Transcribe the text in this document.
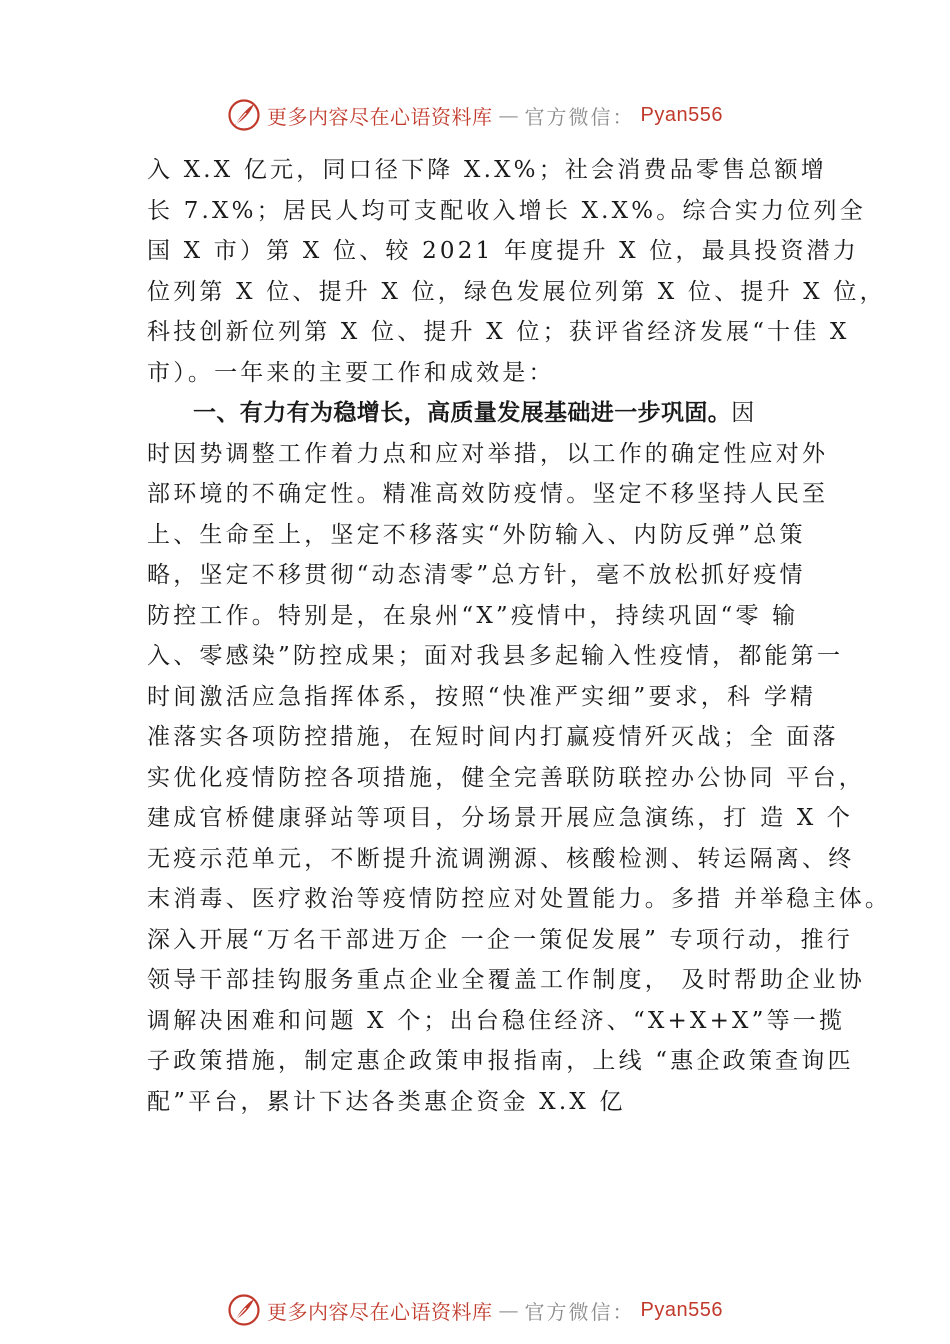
更多内容尽在心语资料库 — 官方微信： Pyan556
入 X.X 亿元，同口径下降 X.X%；社会消费品零售总额增
长 7.X%；居民人均可支配收入增长 X.X%。综合实力位列全
国 X 市）第 X 位、较 2021 年度提升 X 位，最具投资潜力
位列第 X 位、提升 X 位，绿色发展位列第 X 位、提升 X 位，
科技创新位列第 X 位、提升 X 位；获评省经济发展“十佳 X
市）。一年来的主要工作和成效是：
一、有力有为稳增长，高质量发展基础进一步巩固。因
时因势调整工作着力点和应对举措，以工作的确定性应对外
部环境的不确定性。精准高效防疫情。坚定不移坚持人民至
上、生命至上，坚定不移落实“外防输入、内防反弹”总策
略，坚定不移贯彻“动态清零”总方针，毫不放松抓好疫情
防控工作。特别是，在泉州“X”疫情中，持续巩固“零 输
入、零感染”防控成果；面对我县多起输入性疫情，都能第一
时间激活应急指挥体系，按照“快准严实细”要求，科 学精
准落实各项防控措施，在短时间内打赢疫情歼灭战；全 面落
实优化疫情防控各项措施，健全完善联防联控办公协同 平台，
建成官桥健康驿站等项目，分场景开展应急演练，打 造 X 个
无疫示范单元，不断提升流调溯源、核酸检测、转运隔离、终
末消毒、医疗救治等疫情防控应对处置能力。多措 并举稳主体。
深入开展“万名干部进万企 一企一策促发展” 专项行动，推行
领导干部挂钩服务重点企业全覆盖工作制度， 及时帮助企业协
调解决困难和问题 X 个；出台稳住经济、“X+X+X”等一揽
子政策措施，制定惠企政策申报指南，上线 “惠企政策查询匹
配”平台，累计下达各类惠企资金 X.X 亿
更多内容尽在心语资料库 — 官方微信： Pyan556
